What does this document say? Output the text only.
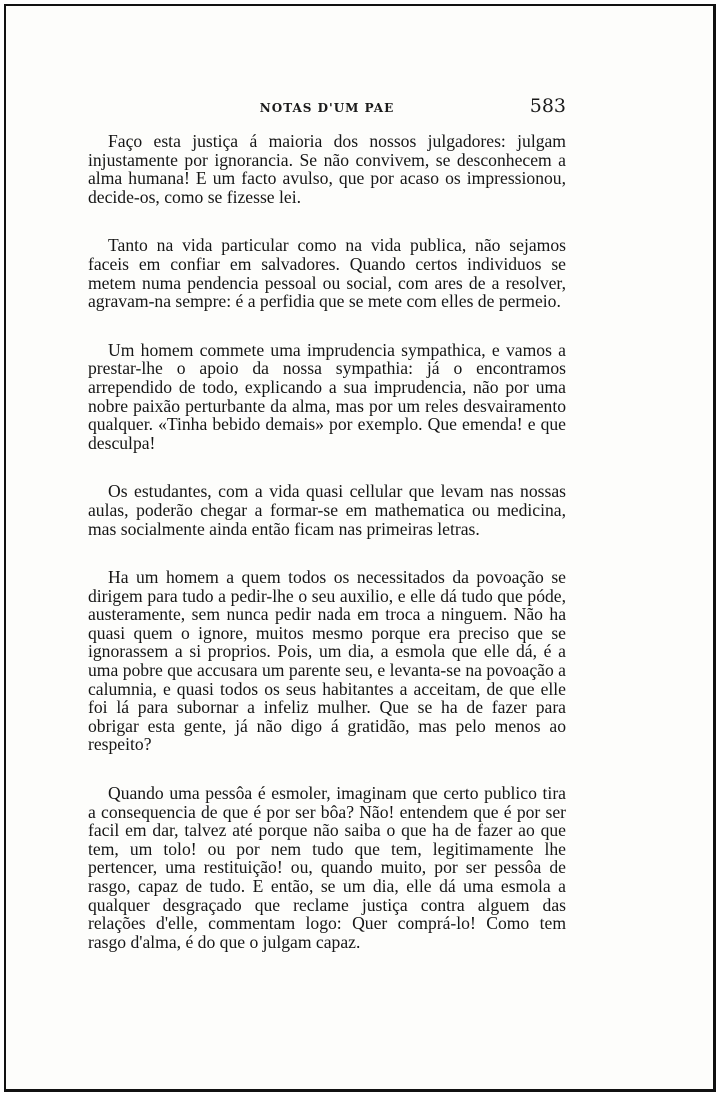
NOTAS D'UM PAE	583

Faço esta justiça á maioria dos nossos julgadores: julgam injustamente por ignorancia. Se não convivem, se desconhecem a alma humana! E um facto avulso, que por acaso os impressionou, decide-os, como se fizesse lei.

Tanto na vida particular como na vida publica, não sejamos faceis em confiar em salvadores. Quando certos individuos se metem numa pendencia pessoal ou social, com ares de a resolver, agravam-na sempre: é a perfidia que se mete com elles de permeio.

Um homem commete uma imprudencia sympathica, e vamos a prestar-lhe o apoio da nossa sympathia: já o encontramos arrependido de todo, explicando a sua imprudencia, não por uma nobre paixão perturbante da alma, mas por um reles desvairamento qualquer. «Tinha bebido demais» por exemplo. Que emenda! e que desculpa!

Os estudantes, com a vida quasi cellular que levam nas nossas aulas, poderão chegar a formar-se em mathematica ou medicina, mas socialmente ainda então ficam nas primeiras letras.

Ha um homem a quem todos os necessitados da povoação se dirigem para tudo a pedir-lhe o seu auxilio, e elle dá tudo que póde, austeramente, sem nunca pedir nada em troca a ninguem. Não ha quasi quem o ignore, muitos mesmo porque era preciso que se ignorassem a si proprios. Pois, um dia, a esmola que elle dá, é a uma pobre que accusara um parente seu, e levanta-se na povoação a calumnia, e quasi todos os seus habitantes a acceitam, de que elle foi lá para subornar a infeliz mulher. Que se ha de fazer para obrigar esta gente, já não digo á gratidão, mas pelo menos ao respeito?

Quando uma pessôa é esmoler, imaginam que certo publico tira a consequencia de que é por ser bôa? Não! entendem que é por ser facil em dar, talvez até porque não saiba o que ha de fazer ao que tem, um tolo! ou por nem tudo que tem, legitimamente lhe pertencer, uma restituição! ou, quando muito, por ser pessôa de rasgo, capaz de tudo. E então, se um dia, elle dá uma esmola a qualquer desgraçado que reclame justiça contra alguem das relações d'elle, commentam logo: Quer comprá-lo! Como tem rasgo d'alma, é do que o julgam capaz.
